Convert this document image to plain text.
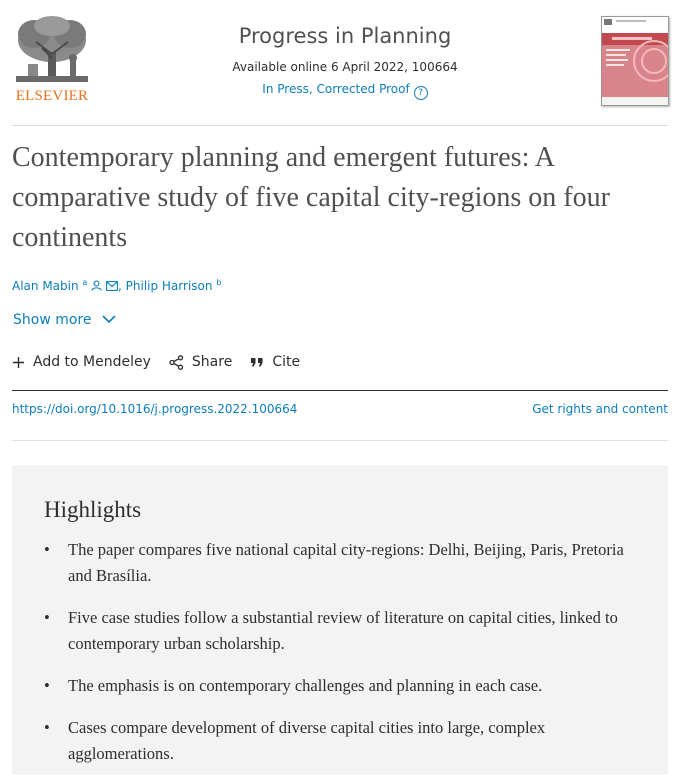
ELSEVIER
Progress in Planning
Available online 6 April 2022, 100664
In Press, Corrected Proof ?
Contemporary planning and emergent futures: A comparative study of five capital city-regions on four continents
Alan Mabin $^a$	, Philip Harrison $^b$
Show more
Add to Mendeley	Share	Cite
https://doi.org/10.1016/j.progress.2022.100664	Get rights and content
Highlights
• The paper compares five national capital city-regions: Delhi, Beijing, Paris, Pretoria and Brasília.
• Five case studies follow a substantial review of literature on capital cities, linked to contemporary urban scholarship.
• The emphasis is on contemporary challenges and planning in each case.
• Cases compare development of diverse capital cities into large, complex agglomerations.
